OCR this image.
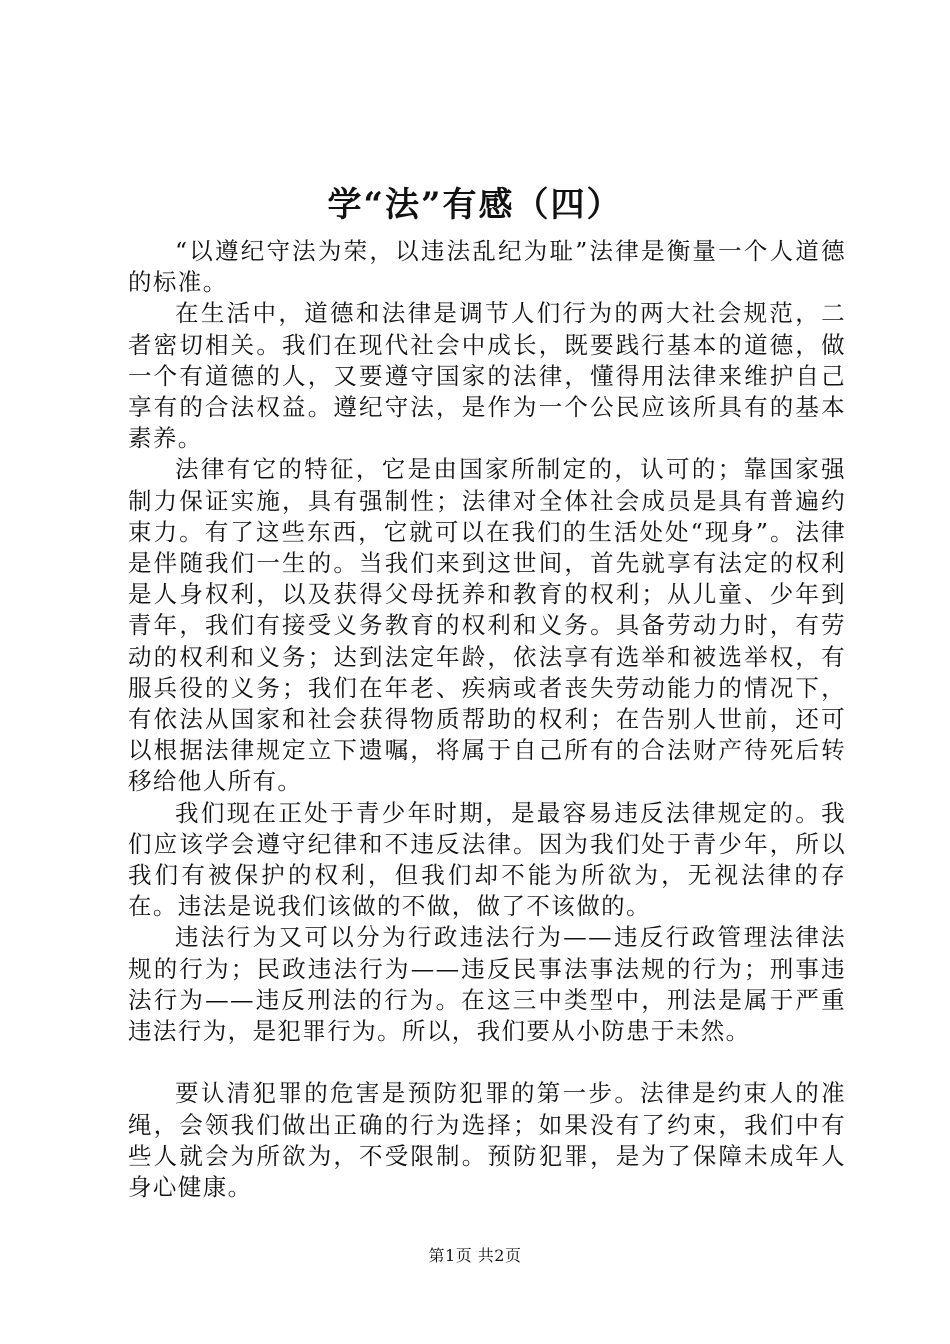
学“法”有感（四）

“以遵纪守法为荣，以违法乱纪为耻”法律是衡量一个人道德的标准。

在生活中，道德和法律是调节人们行为的两大社会规范，二者密切相关。我们在现代社会中成长，既要践行基本的道德，做一个有道德的人，又要遵守国家的法律，懂得用法律来维护自己享有的合法权益。遵纪守法，是作为一个公民应该所具有的基本素养。

法律有它的特征，它是由国家所制定的，认可的；靠国家强制力保证实施，具有强制性；法律对全体社会成员是具有普遍约束力。有了这些东西，它就可以在我们的生活处处“现身”。法律是伴随我们一生的。当我们来到这世间，首先就享有法定的权利是人身权利，以及获得父母抚养和教育的权利；从儿童、少年到青年，我们有接受义务教育的权利和义务。具备劳动力时，有劳动的权利和义务；达到法定年龄，依法享有选举和被选举权，有服兵役的义务；我们在年老、疾病或者丧失劳动能力的情况下，有依法从国家和社会获得物质帮助的权利；在告别人世前，还可以根据法律规定立下遗嘱，将属于自己所有的合法财产待死后转移给他人所有。

我们现在正处于青少年时期，是最容易违反法律规定的。我们应该学会遵守纪律和不违反法律。因为我们处于青少年，所以我们有被保护的权利，但我们却不能为所欲为，无视法律的存在。违法是说我们该做的不做，做了不该做的。

违法行为又可以分为行政违法行为——违反行政管理法律法规的行为；民政违法行为——违反民事法事法规的行为；刑事违法行为——违反刑法的行为。在这三中类型中，刑法是属于严重违法行为，是犯罪行为。所以，我们要从小防患于未然。

要认清犯罪的危害是预防犯罪的第一步。法律是约束人的准绳，会领我们做出正确的行为选择；如果没有了约束，我们中有些人就会为所欲为，不受限制。预防犯罪，是为了保障未成年人身心健康。

第1页 共2页
